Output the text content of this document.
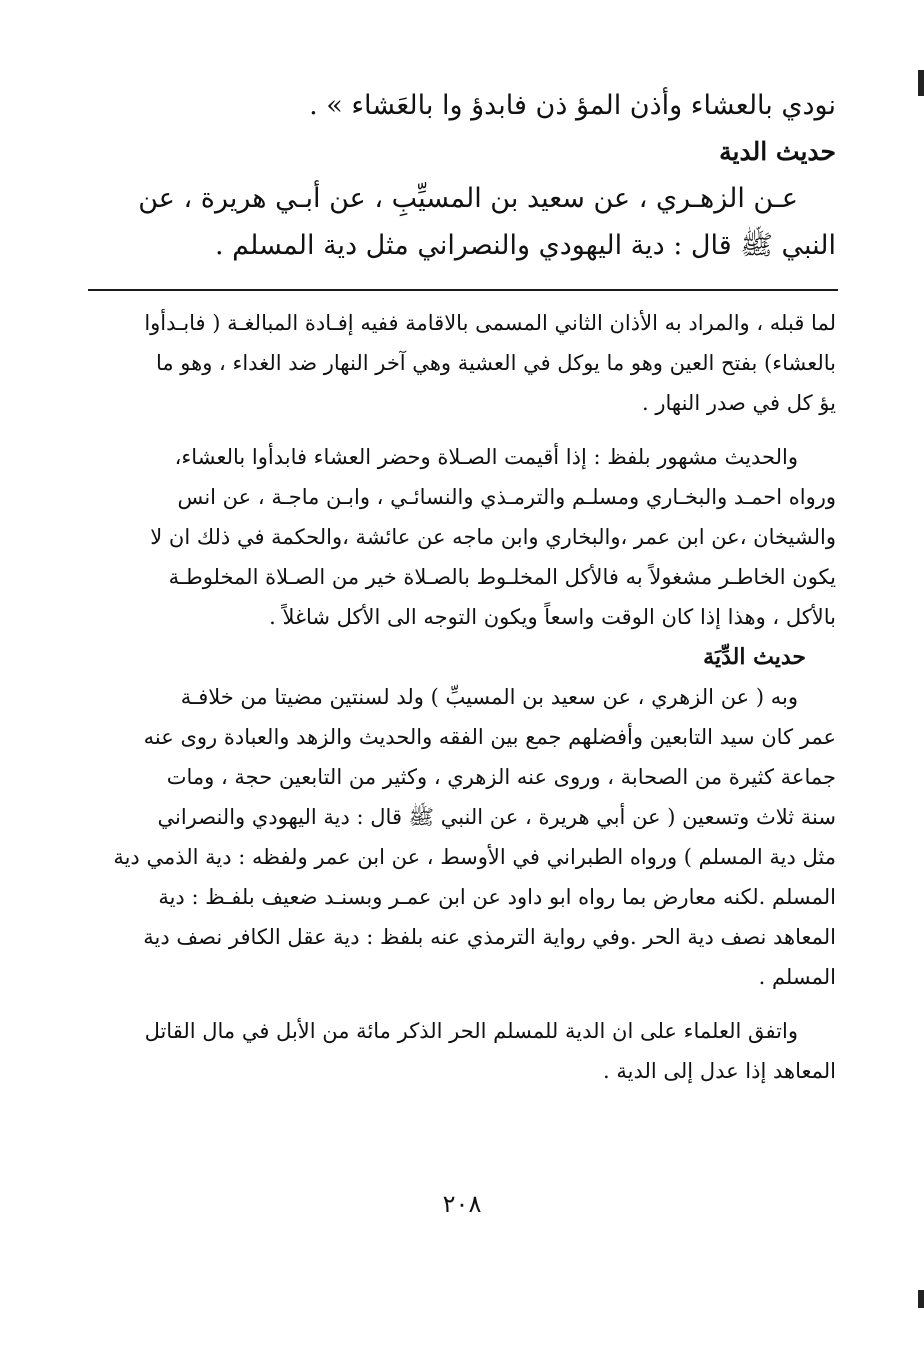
نودي بالعشاء وأذن المؤ ذن فابدؤ وا بالعَشاء » .
حديث الدية
عـن الزهـري ، عن سعيد بن المسيِّبِ ، عن أبـي هريرة ، عن
النبي ﷺ قال : دية اليهودي والنصراني مثل دية المسلم .
لما قبله ، والمراد به الأذان الثاني المسمى بالاقامة ففيه إفـادة المبالغـة ( فابـدأوا
بالعشاء) بفتح العين وهو ما يوكل في العشية وهي آخر النهار ضد الغداء ، وهو ما
يؤ كل في صدر النهار .
والحديث مشهور بلفظ : إذا أقيمت الصـلاة وحضر العشاء فابدأوا بالعشاء،
ورواه احمـد والبخـاري ومسلـم والترمـذي والنسائـي ، وابـن ماجـة ، عن انس
والشيخان ،عن ابن عمر ،والبخاري وابن ماجه عن عائشة ،والحكمة في ذلك ان لا
يكون الخاطـر مشغولاً به فالأكل المخلـوط بالصـلاة خير من الصـلاة المخلوطـة
بالأكل ، وهذا إذا كان الوقت واسعاً ويكون التوجه الى الأكل شاغلاً .
حديث الدِّيَة
وبه ( عن الزهري ، عن سعيد بن المسيبِّ ) ولد لسنتين مضيتا من خلافـة
عمر كان سيد التابعين وأفضلهم جمع بين الفقه والحديث والزهد والعبادة روى عنه
جماعة كثيرة من الصحابة ، وروى عنه الزهري ، وكثير من التابعين حجة ، ومات
سنة ثلاث وتسعين ( عن أبي هريرة ، عن النبي ﷺ قال : دية اليهودي والنصراني
مثل دية المسلم ) ورواه الطبراني في الأوسط ، عن ابن عمر ولفظه : دية الذمي دية
المسلم .لكنه معارض بما رواه ابو داود عن ابن عمـر وبسنـد ضعيف بلفـظ : دية
المعاهد نصف دية الحر .وفي رواية الترمذي عنه بلفظ : دية عقل الكافر نصف دية
المسلم .
واتفق العلماء على ان الدية للمسلم الحر الذكر مائة من الأبل في مال القاتل
المعاهد إذا عدل إلى الدية .
٢٠٨
